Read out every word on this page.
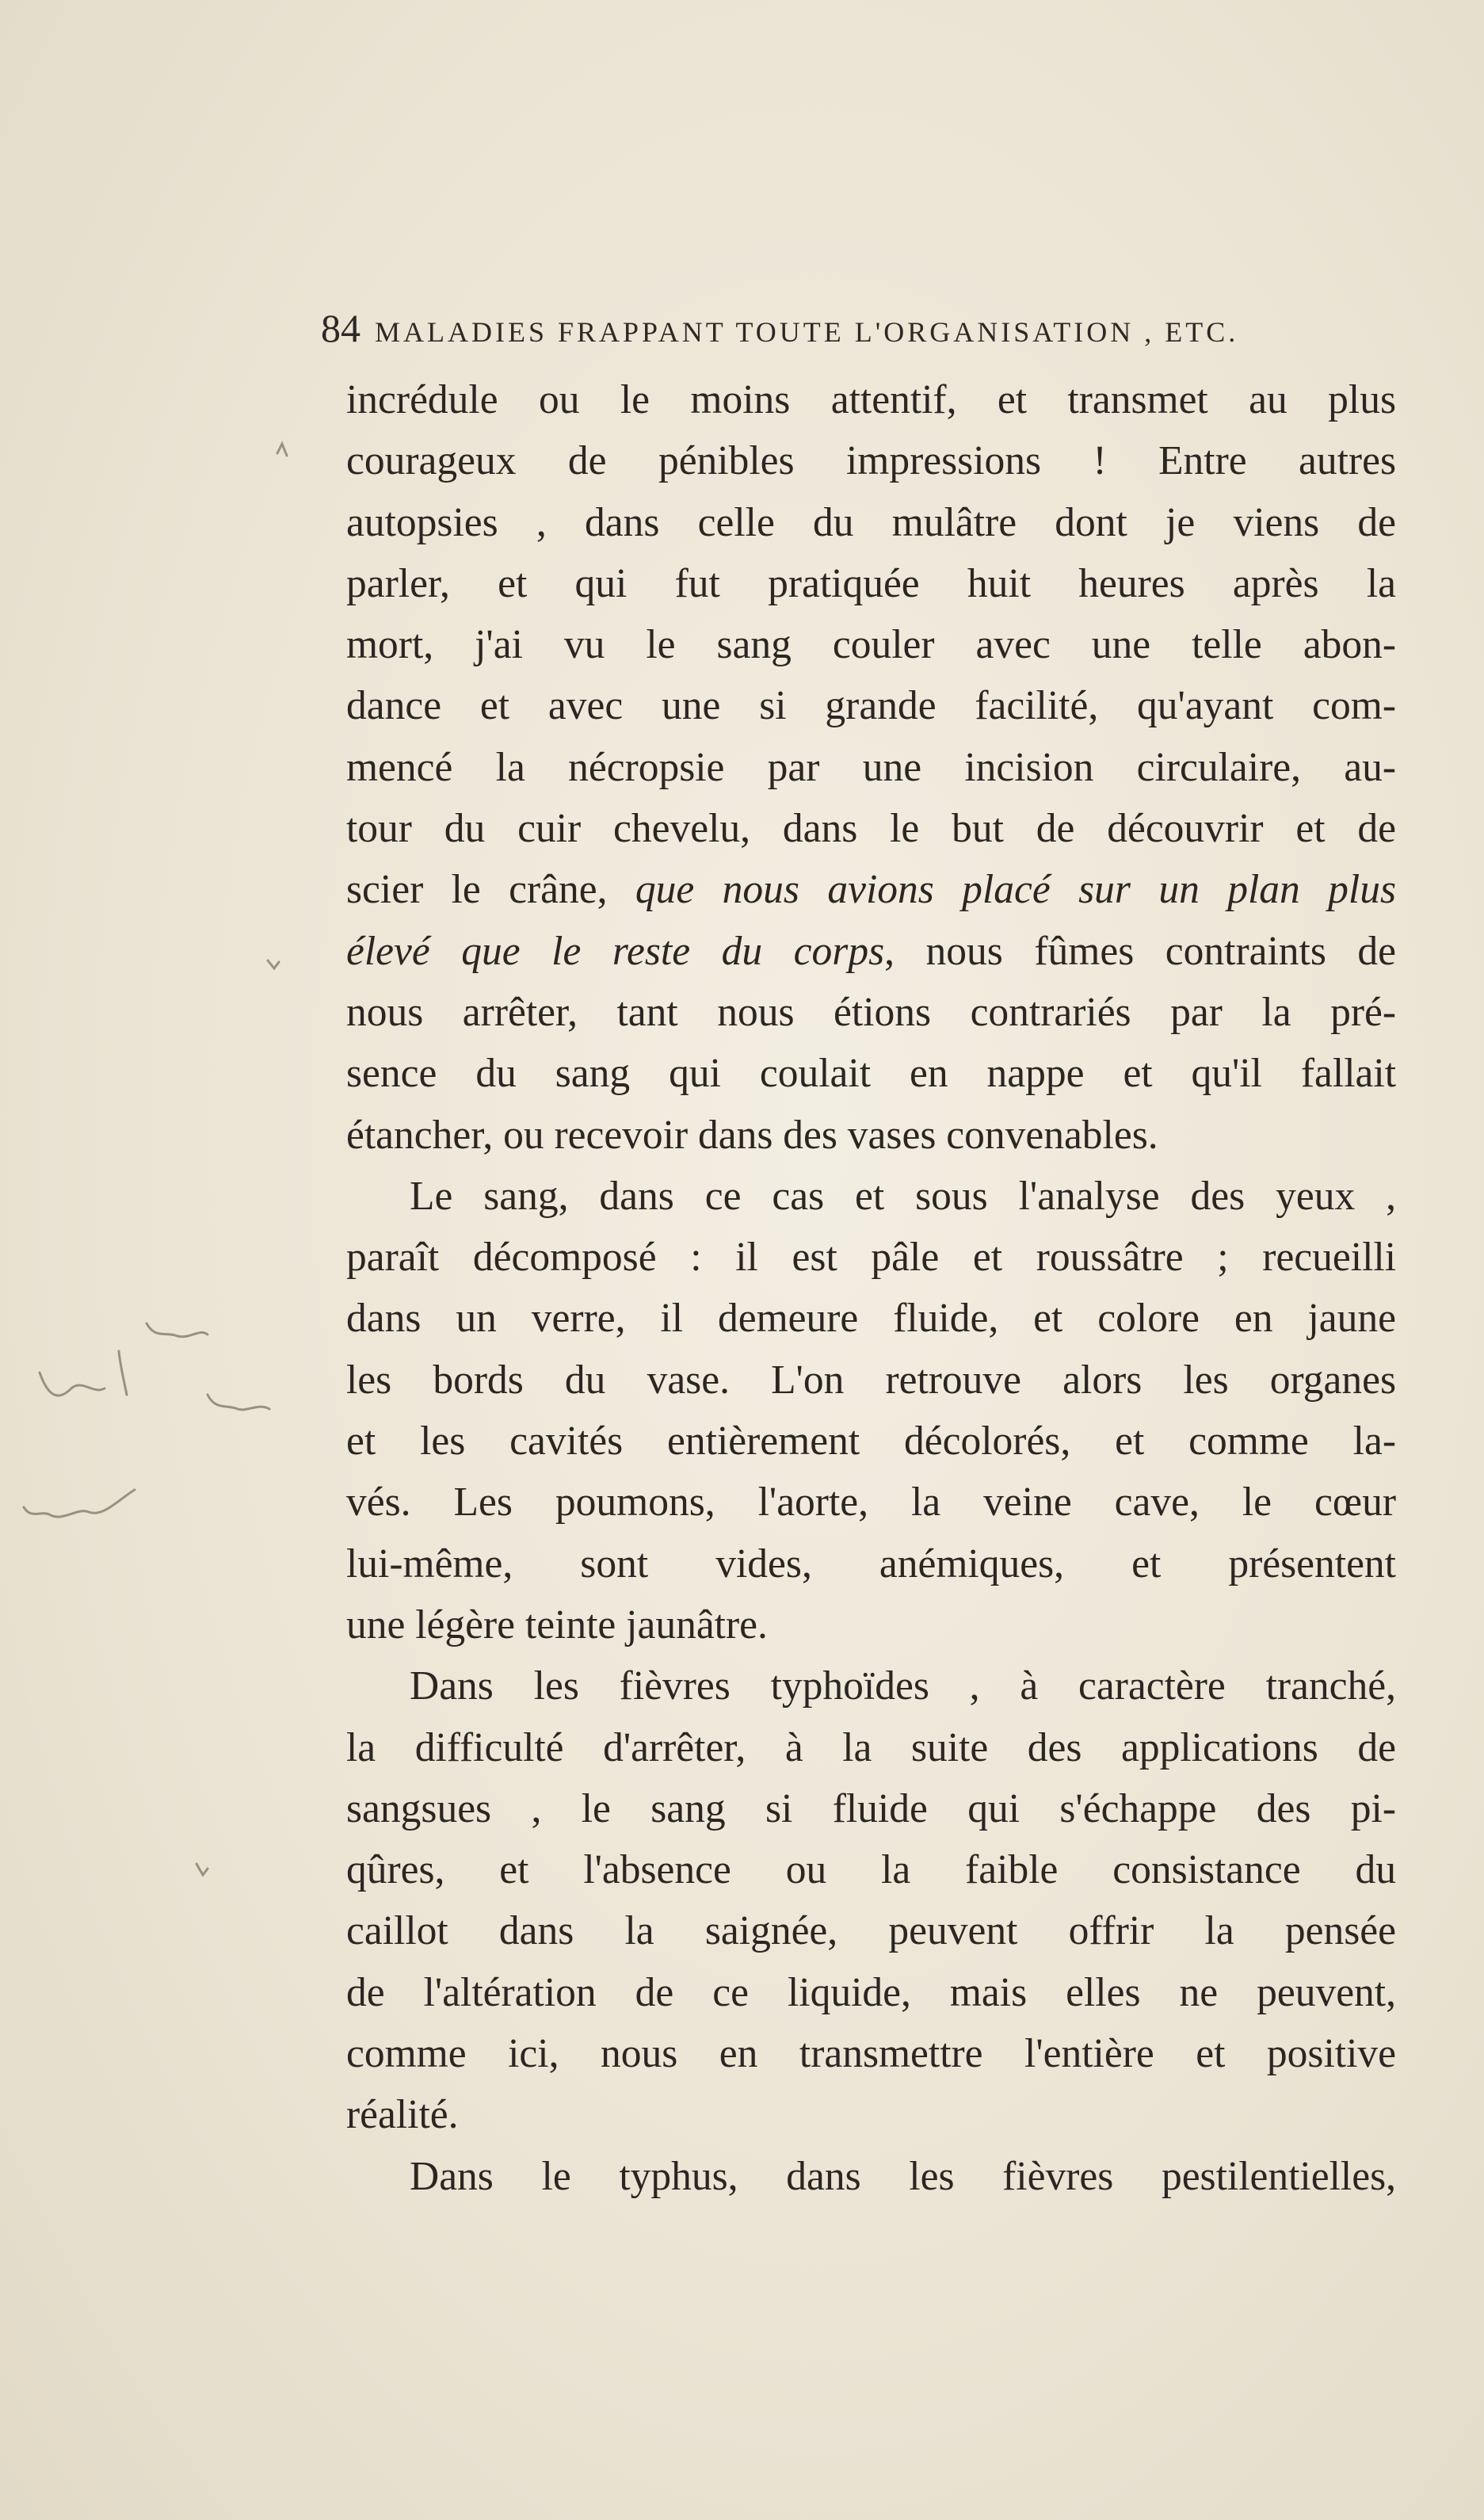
84 MALADIES FRAPPANT TOUTE L'ORGANISATION , ETC.
incrédule ou le moins attentif, et transmet au plus
courageux de pénibles impressions ! Entre autres
autopsies , dans celle du mulâtre dont je viens de
parler, et qui fut pratiquée huit heures après la
mort, j'ai vu le sang couler avec une telle abon-
dance et avec une si grande facilité, qu'ayant com-
mencé la nécropsie par une incision circulaire, au-
tour du cuir chevelu, dans le but de découvrir et de
scier le crâne, que nous avions placé sur un plan plus
élevé que le reste du corps, nous fûmes contraints de
nous arrêter, tant nous étions contrariés par la pré-
sence du sang qui coulait en nappe et qu'il fallait
étancher, ou recevoir dans des vases convenables.
Le sang, dans ce cas et sous l'analyse des yeux ,
paraît décomposé : il est pâle et roussâtre ; recueilli
dans un verre, il demeure fluide, et colore en jaune
les bords du vase. L'on retrouve alors les organes
et les cavités entièrement décolorés, et comme la-
vés. Les poumons, l'aorte, la veine cave, le cœur
lui-même, sont vides, anémiques, et présentent
une légère teinte jaunâtre.
Dans les fièvres typhoïdes , à caractère tranché,
la difficulté d'arrêter, à la suite des applications de
sangsues , le sang si fluide qui s'échappe des pi-
qûres, et l'absence ou la faible consistance du
caillot dans la saignée, peuvent offrir la pensée
de l'altération de ce liquide, mais elles ne peuvent,
comme ici, nous en transmettre l'entière et positive
réalité.
Dans le typhus, dans les fièvres pestilentielles,
